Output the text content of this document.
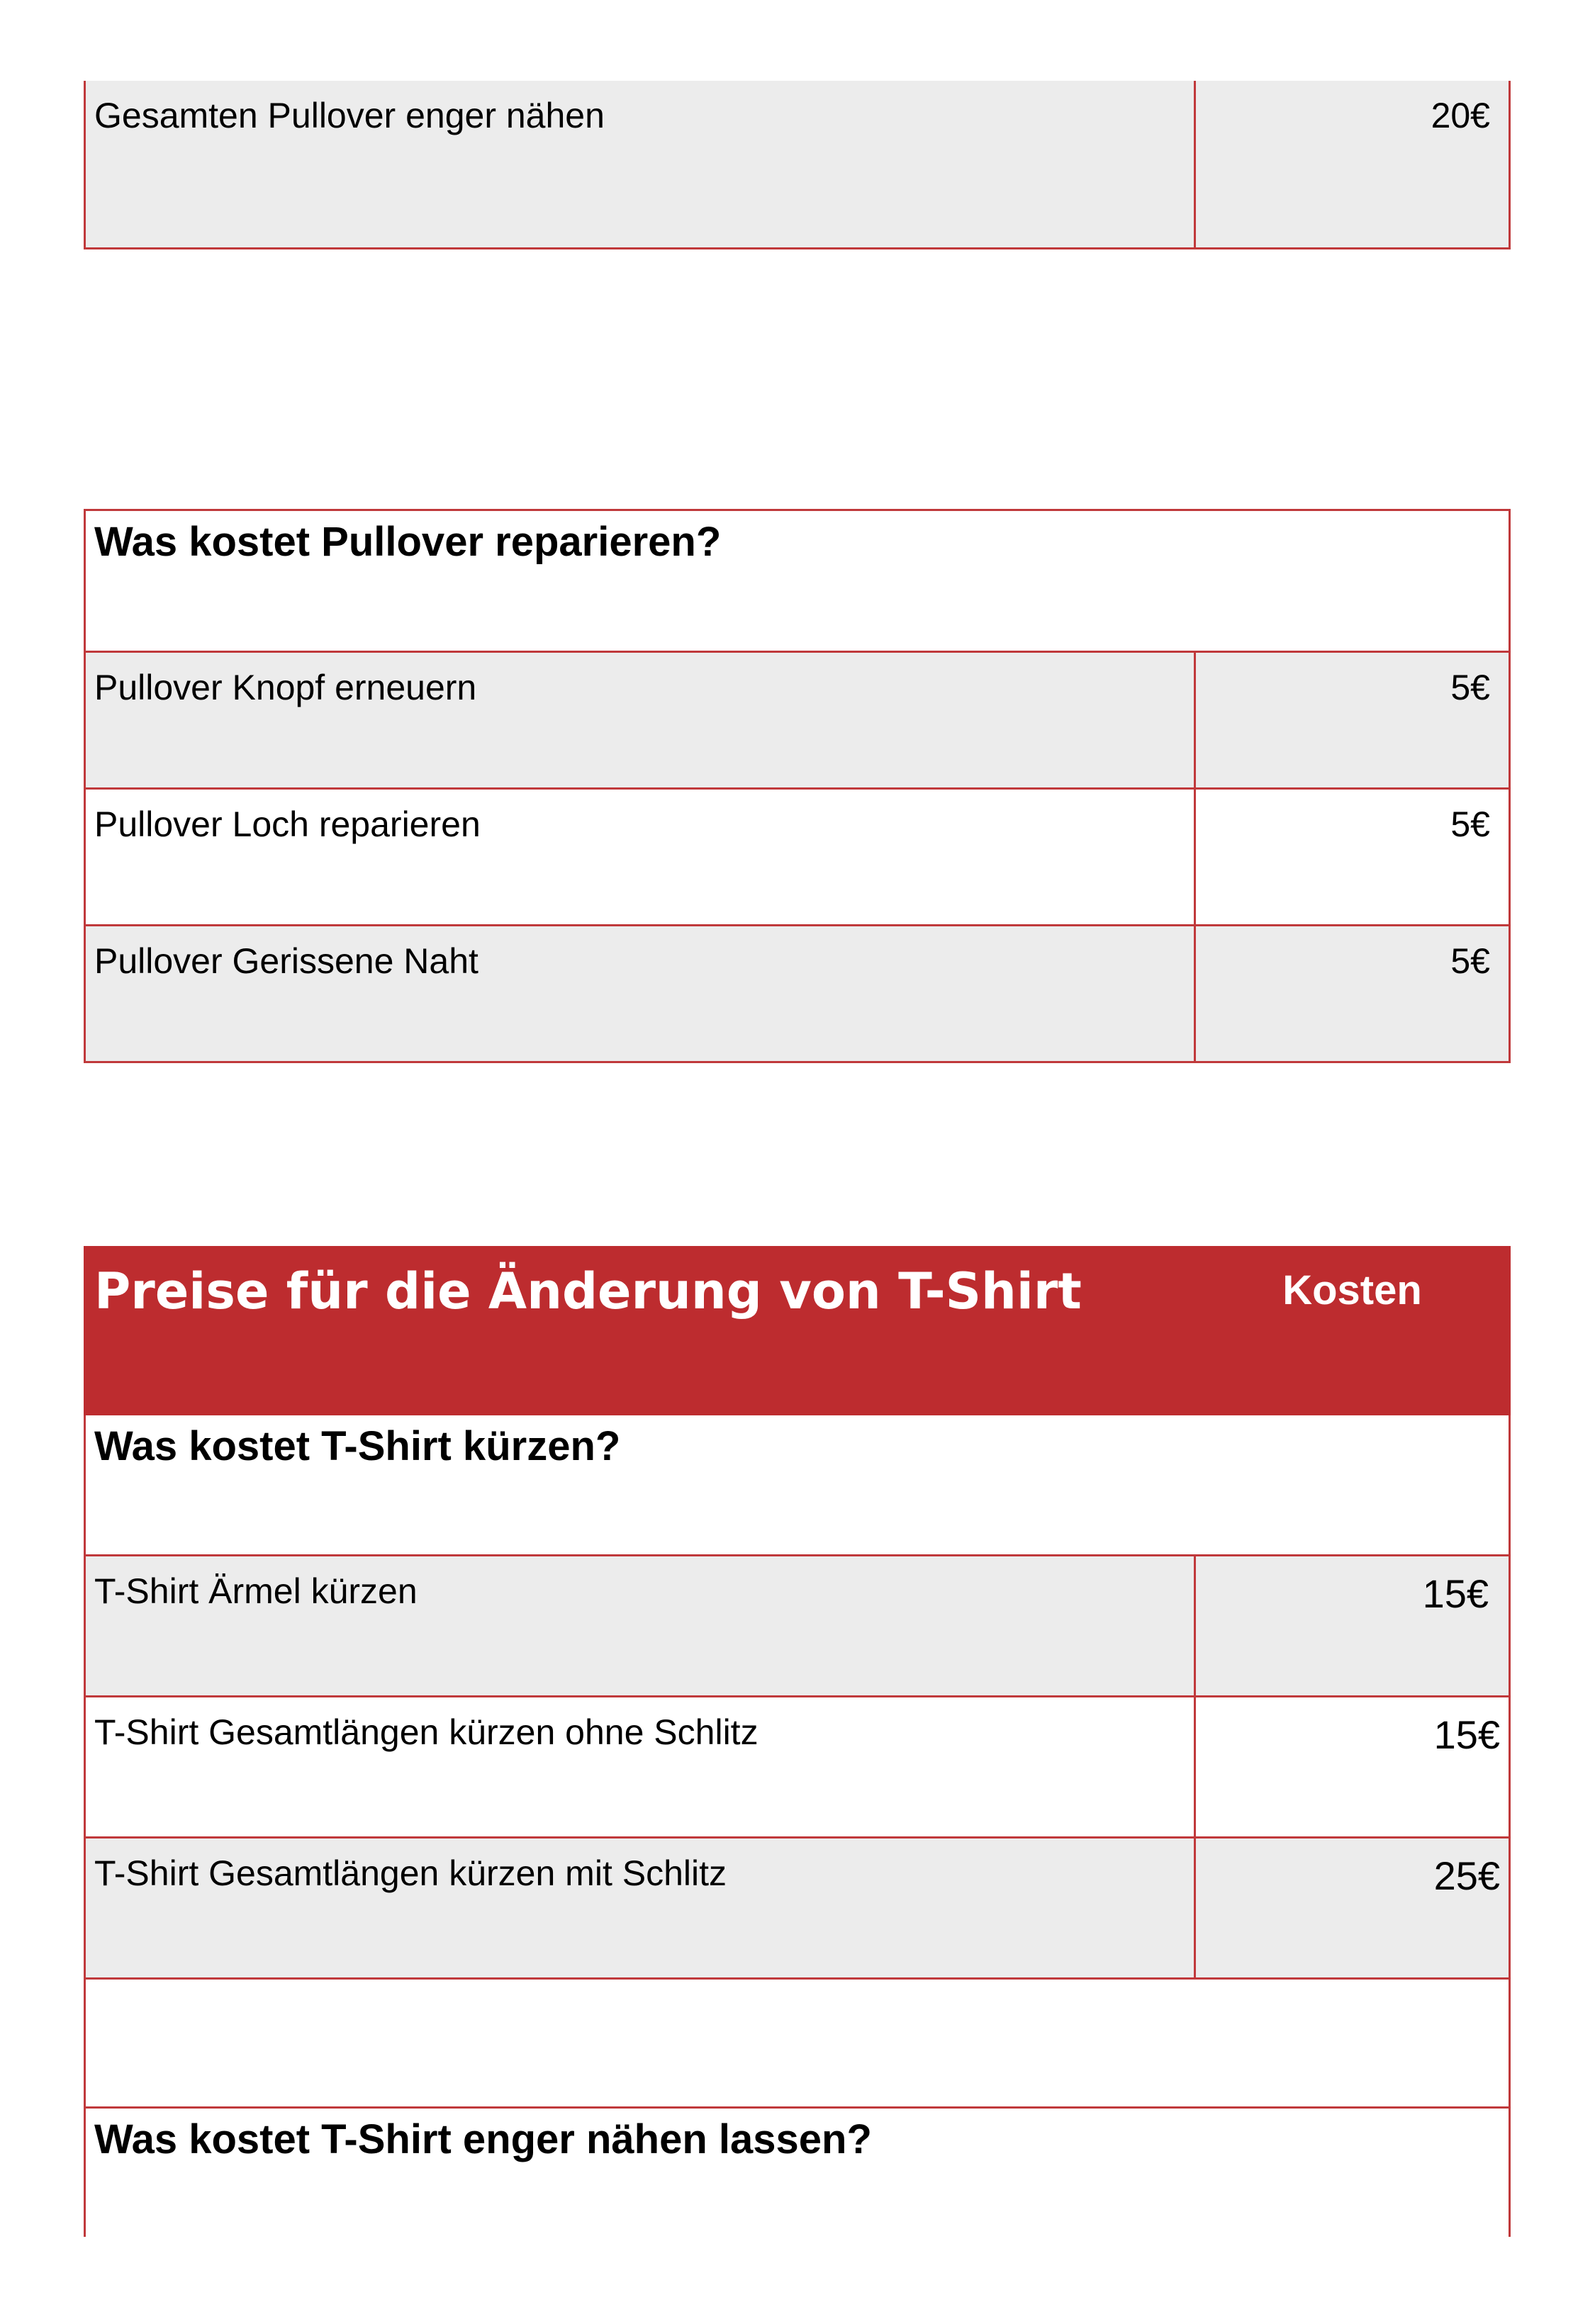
Gesamten Pullover enger nähen	20€
Was kostet Pullover reparieren?	
Pullover Knopf erneuern	5€
Pullover Loch reparieren	5€
Pullover Gerissene Naht	5€
Preise für die Änderung von T-Shirt	Kosten
Was kostet T-Shirt kürzen?	
T-Shirt Ärmel kürzen	15€
T-Shirt Gesamtlängen kürzen ohne Schlitz	15€
T-Shirt Gesamtlängen kürzen mit Schlitz	25€

Was kostet T-Shirt enger nähen lassen?	
